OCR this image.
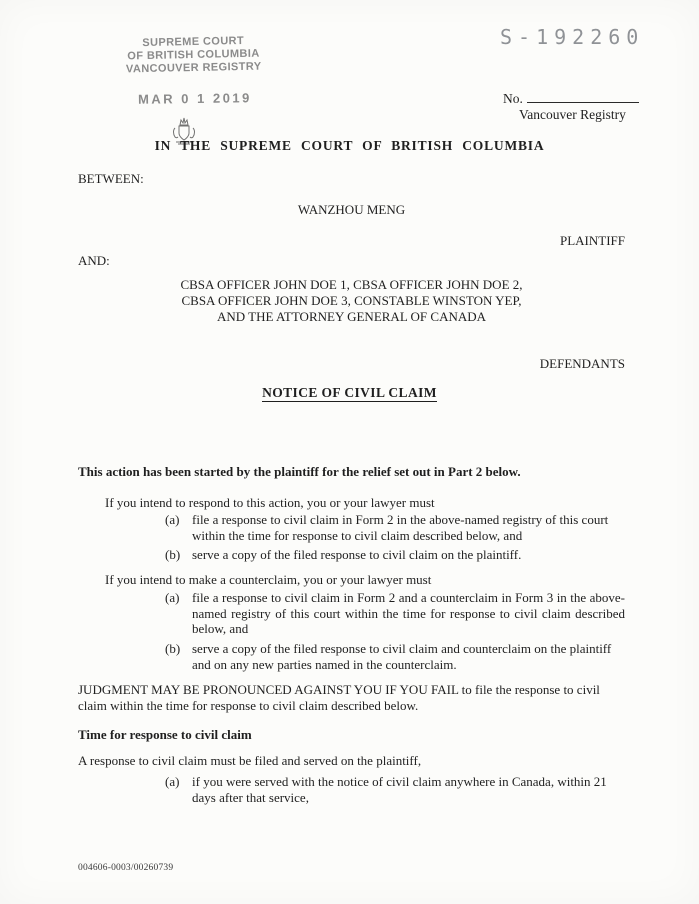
SUPREME COURT
OF BRITISH COLUMBIA
VANCOUVER REGISTRY
MAR 0 1 2019
S-192260
No.
Vancouver Registry
IN THE SUPREME COURT OF BRITISH COLUMBIA
BETWEEN:
WANZHOU MENG
PLAINTIFF
AND:
CBSA OFFICER JOHN DOE 1, CBSA OFFICER JOHN DOE 2,
CBSA OFFICER JOHN DOE 3, CONSTABLE WINSTON YEP,
AND THE ATTORNEY GENERAL OF CANADA
DEFENDANTS
NOTICE OF CIVIL CLAIM
This action has been started by the plaintiff for the relief set out in Part 2 below.
If you intend to respond to this action, you or your lawyer must
(a) file a response to civil claim in Form 2 in the above-named registry of this court within the time for response to civil claim described below, and
(b) serve a copy of the filed response to civil claim on the plaintiff.
If you intend to make a counterclaim, you or your lawyer must
(a) file a response to civil claim in Form 2 and a counterclaim in Form 3 in the above-named registry of this court within the time for response to civil claim described below, and
(b) serve a copy of the filed response to civil claim and counterclaim on the plaintiff and on any new parties named in the counterclaim.
JUDGMENT MAY BE PRONOUNCED AGAINST YOU IF YOU FAIL to file the response to civil claim within the time for response to civil claim described below.
Time for response to civil claim
A response to civil claim must be filed and served on the plaintiff,
(a) if you were served with the notice of civil claim anywhere in Canada, within 21 days after that service,
004606-0003/00260739
